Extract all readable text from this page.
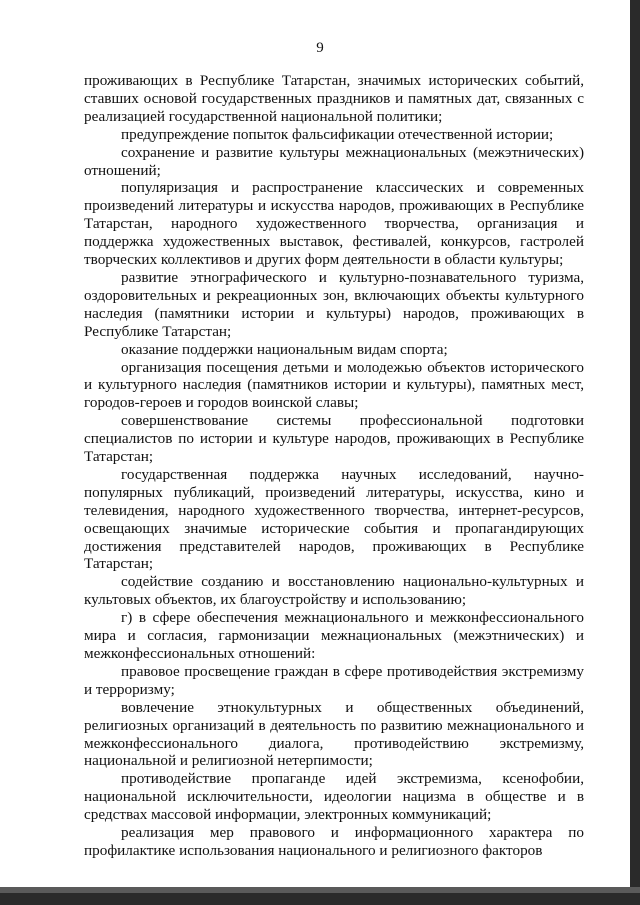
9

проживающих в Республике Татарстан, значимых исторических событий, ставших основой государственных праздников и памятных дат, связанных с реализацией государственной национальной политики;

предупреждение попыток фальсификации отечественной истории;

сохранение и развитие культуры межнациональных (межэтнических) отношений;

популяризация и распространение классических и современных произведений литературы и искусства народов, проживающих в Республике Татарстан, народного художественного творчества, организация и поддержка художественных выставок, фестивалей, конкурсов, гастролей творческих коллективов и других форм деятельности в области культуры;

развитие этнографического и культурно-познавательного туризма, оздоровительных и рекреационных зон, включающих объекты культурного наследия (памятники истории и культуры) народов, проживающих в Республике Татарстан;

оказание поддержки национальным видам спорта;

организация посещения детьми и молодежью объектов исторического и культурного наследия (памятников истории и культуры), памятных мест, городов-героев и городов воинской славы;

совершенствование системы профессиональной подготовки специалистов по истории и культуре народов, проживающих в Республике Татарстан;

государственная поддержка научных исследований, научно-популярных публикаций, произведений литературы, искусства, кино и телевидения, народного художественного творчества, интернет-ресурсов, освещающих значимые исторические события и пропагандирующих достижения представителей народов, проживающих в Республике Татарстан;

содействие созданию и восстановлению национально-культурных и культовых объектов, их благоустройству и использованию;

г) в сфере обеспечения межнационального и межконфессионального мира и согласия, гармонизации межнациональных (межэтнических) и межконфессиональных отношений:

правовое просвещение граждан в сфере противодействия экстремизму и терроризму;

вовлечение этнокультурных и общественных объединений, религиозных организаций в деятельность по развитию межнационального и межконфессионального диалога, противодействию экстремизму, национальной и религиозной нетерпимости;

противодействие пропаганде идей экстремизма, ксенофобии, национальной исключительности, идеологии нацизма в обществе и в средствах массовой информации, электронных коммуникаций;

реализация мер правового и информационного характера по профилактике использования национального и религиозного факторов
